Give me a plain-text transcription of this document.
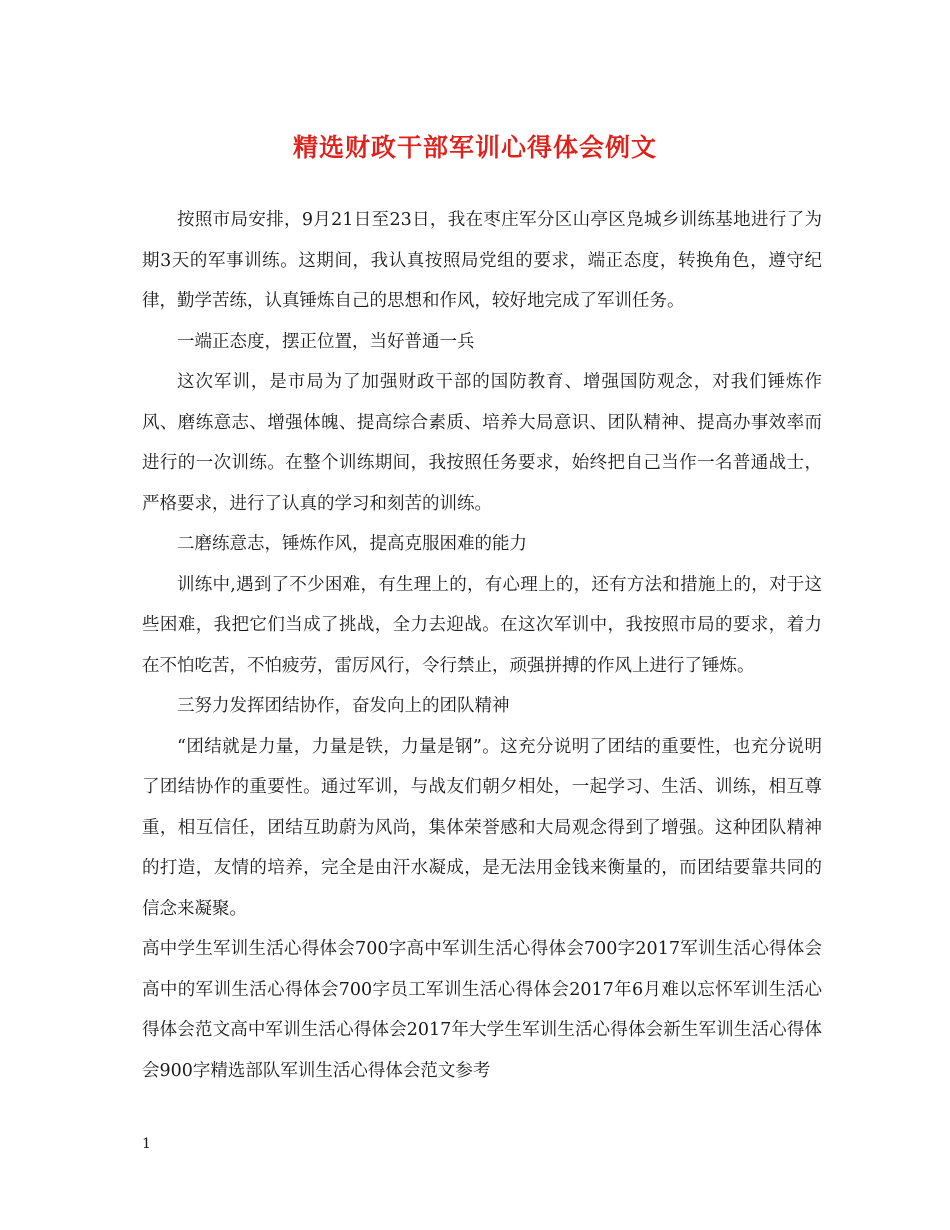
精选财政干部军训心得体会例文

按照市局安排，9月21日至23日，我在枣庄军分区山亭区凫城乡训练基地进行了为期3天的军事训练。这期间，我认真按照局党组的要求，端正态度，转换角色，遵守纪律，勤学苦练，认真锤炼自己的思想和作风，较好地完成了军训任务。

一端正态度，摆正位置，当好普通一兵

这次军训，是市局为了加强财政干部的国防教育、增强国防观念，对我们锤炼作风、磨练意志、增强体魄、提高综合素质、培养大局意识、团队精神、提高办事效率而进行的一次训练。在整个训练期间，我按照任务要求，始终把自己当作一名普通战士，严格要求，进行了认真的学习和刻苦的训练。

二磨练意志，锤炼作风，提高克服困难的能力

训练中,遇到了不少困难，有生理上的，有心理上的，还有方法和措施上的，对于这些困难，我把它们当成了挑战，全力去迎战。在这次军训中，我按照市局的要求，着力在不怕吃苦，不怕疲劳，雷厉风行，令行禁止，顽强拼搏的作风上进行了锤炼。

三努力发挥团结协作，奋发向上的团队精神

“团结就是力量，力量是铁，力量是钢”。这充分说明了团结的重要性，也充分说明了团结协作的重要性。通过军训，与战友们朝夕相处，一起学习、生活、训练，相互尊重，相互信任，团结互助蔚为风尚，集体荣誉感和大局观念得到了增强。这种团队精神的打造，友情的培养，完全是由汗水凝成，是无法用金钱来衡量的，而团结要靠共同的信念来凝聚。

高中学生军训生活心得体会700字高中军训生活心得体会700字2017军训生活心得体会高中的军训生活心得体会700字员工军训生活心得体会2017年6月难以忘怀军训生活心得体会范文高中军训生活心得体会2017年大学生军训生活心得体会新生军训生活心得体会900字精选部队军训生活心得体会范文参考

1
